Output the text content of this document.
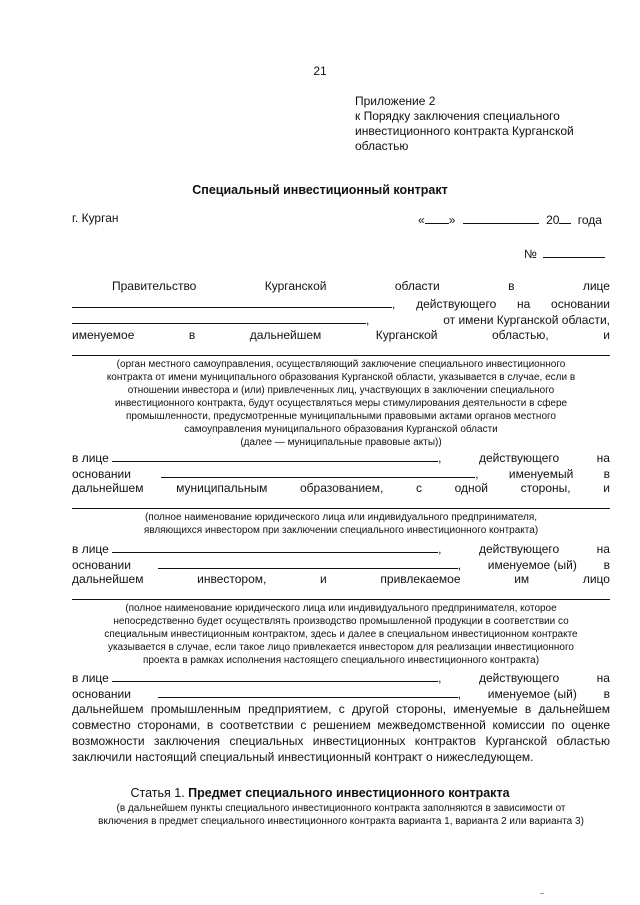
21
Приложение 2
к Порядку заключения специального
инвестиционного контракта Курганской
областью
Специальный инвестиционный контракт
г. Курган	« »	20 года
№
Правительство	Курганской	области	в	лице
, действующего на основании
,	от имени Курганской области,
именуемое	в	дальнейшем	Курганской	областью,	и
(орган местного самоуправления, осуществляющий заключение специального инвестиционного
контракта от имени муниципального образования Курганской области, указывается в случае, если в
отношении инвестора и (или) привлеченных лиц, участвующих в заключении специального
инвестиционного контракта, будут осуществляться меры стимулирования деятельности в сфере
промышленности, предусмотренные муниципальными правовыми актами органов местного
самоуправления муниципального образования Курганской области
(далее — муниципальные правовые акты))
в лице	,	действующего	на
основании	,	именуемый	в
дальнейшем	муниципальным	образованием,	с	одной	стороны,	и
(полное наименование юридического лица или индивидуального предпринимателя,
являющихся инвестором при заключении специального инвестиционного контракта)
в лице	,	действующего	на
основании	, именуемое (ый) в
дальнейшем	инвестором,	и	привлекаемое	им	лицо
(полное наименование юридического лица или индивидуального предпринимателя, которое
непосредственно будет осуществлять производство промышленной продукции в соответствии со
специальным инвестиционным контрактом, здесь и далее в специальном инвестиционном контракте
указывается в случае, если такое лицо привлекается инвестором для реализации инвестиционного
проекта в рамках исполнения настоящего специального инвестиционного контракта)
в лице	,	действующего	на
основании	, именуемое (ый) в
дальнейшем промышленным предприятием, с другой стороны, именуемые в дальнейшем совместно сторонами, в соответствии с решением межведомственной комиссии по оценке возможности заключения специальных инвестиционных контрактов Курганской областью заключили настоящий специальный инвестиционный контракт о нижеследующем.
Статья 1. Предмет специального инвестиционного контракта
(в дальнейшем пункты специального инвестиционного контракта заполняются в зависимости от
включения в предмет специального инвестиционного контракта варианта 1, варианта 2 или варианта 3)
